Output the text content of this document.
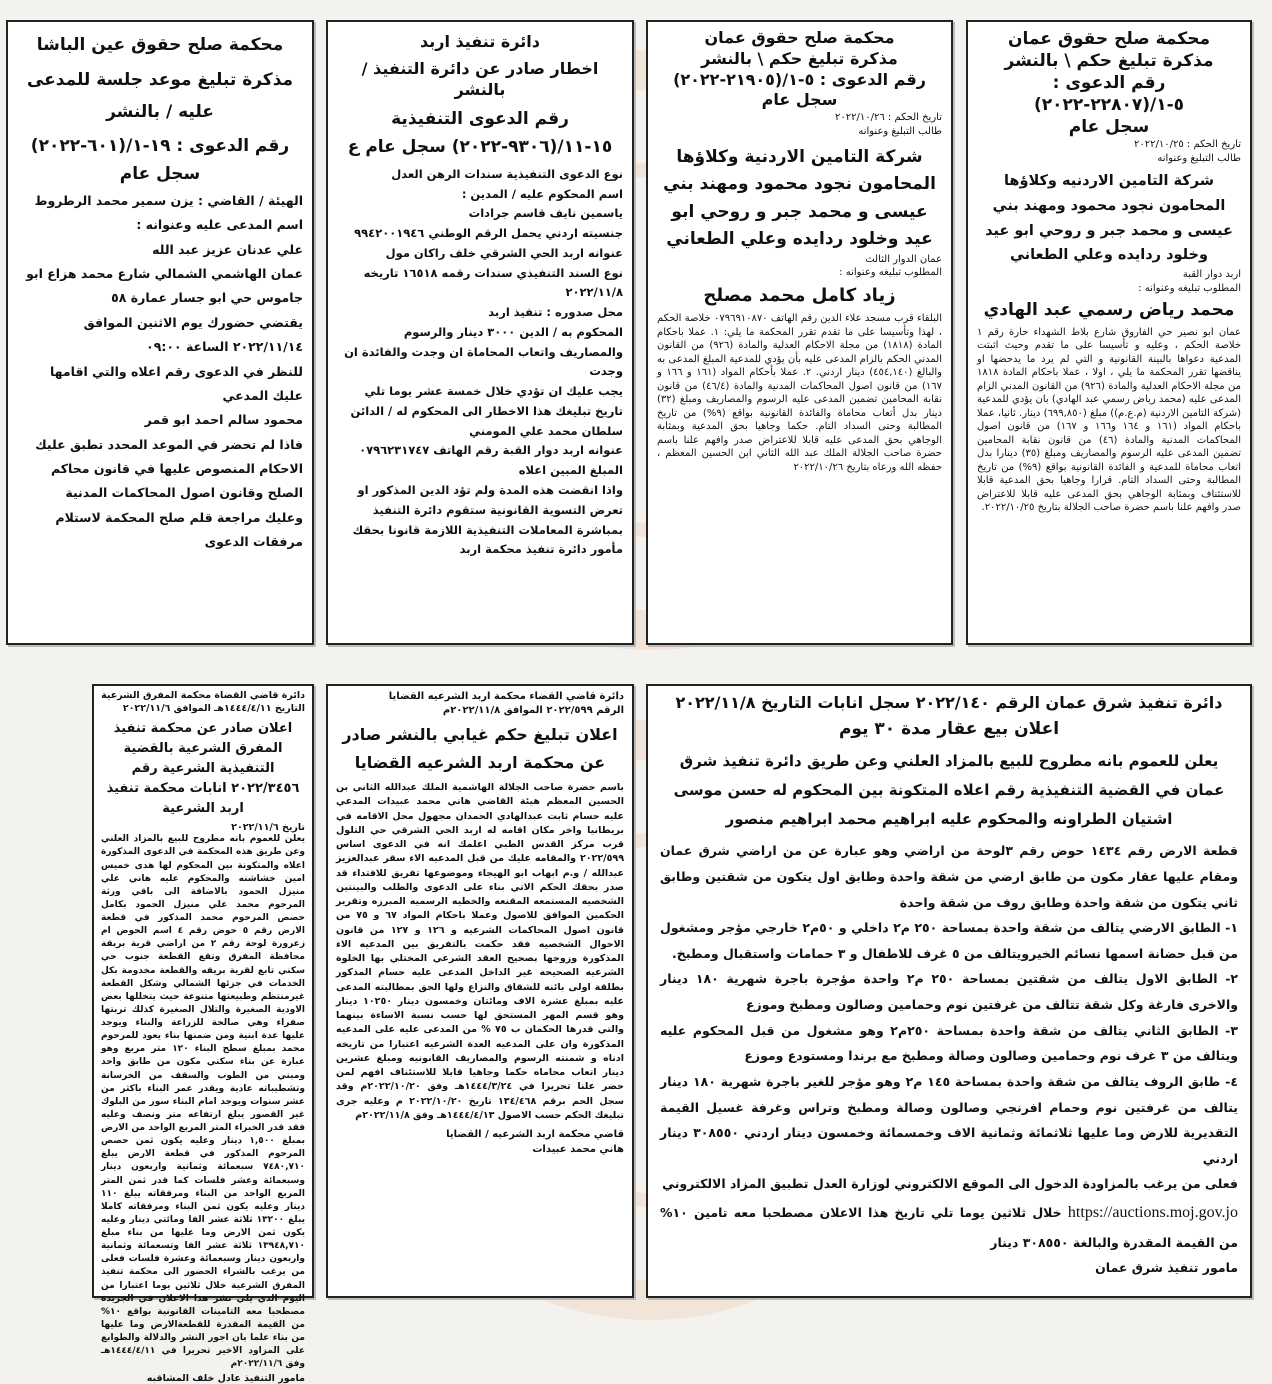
محكمة صلح حقوق عمان
مذكرة تبليغ حكم \ بالنشر
رقم الدعوى : ٥-١/(٢٢٨٠٧-٢٠٢٢)
سجل عام
تاريخ الحكم : ٢٠٢٢/١٠/٢٥
طالب التبليغ وعنوانه
شركة التامين الاردنيه وكلاؤها المحامون نجود محمود ومهند بني عيسى و محمد جبر و روحي ابو عيد وخلود ردايده وعلي الطعاني
اربد دوار القبة
المطلوب تبليغه وعنوانه :
محمد رياض رسمي عبد الهادي
عمان ابو نصير حي الفاروق شارع بلاط الشهداء حارة رقم ١ خلاصة الحكم ، وعليه و تأسيسا على ما تقدم وحيث اثبتت المدعية دعواها بالبينة القانونية و التي لم يرد ما يدحضها او يناقضها تقرر المحكمة ما يلي ، اولا ، عملا باحكام المادة ١٨١٨ من مجلة الاحكام العدلية والمادة (٩٢٦) من القانون المدني الزام المدعى عليه (محمد رياض رسمي عبد الهادي) بان يؤدي للمدعية (شركة التامين الاردنية (م.ع.م)) مبلغ (٦٩٩,٨٥٠) دينار. ثانيا، عملا باحكام المواد (١٦١ و ١٦٤ و١٦٦ و ١٦٧) من قانون اصول المحاكمات المدنية والمادة (٤٦) من قانون نقابة المحامين تضمين المدعى عليه الرسوم والمصاريف ومبلغ (٣٥) دينارا بدل اتعاب محاماة للمدعية و الفائدة القانونية بواقع (٩%) من تاريخ المطالبة وحتى السداد التام. قرارا وجاهيا بحق المدعية قابلا للاستئناف وبمثابة الوجاهي بحق المدعى عليه قابلا للاعتراض صدر وافهم علنا باسم حضرة صاحب الجلالة بتاريخ ٢٠٢٢/١٠/٢٥.
محكمة صلح حقوق عمان
مذكرة تبليغ حكم \ بالنشر
رقم الدعوى : ٥-١/(٢١٩٠٥-٢٠٢٢)
سجل عام
تاريخ الحكم : ٢٠٢٢/١٠/٢٦
طالب التبليغ وعنوانه
شركة التامين الاردنية وكلاؤها المحامون نجود محمود ومهند بني عيسى و محمد جبر و روحي ابو عيد وخلود ردايده وعلي الطعاني
عمان الدوار الثالث
المطلوب تبليغه وعنوانه :
زياد كامل محمد مصلح
البلقاء قرب مسجد علاء الدين رقم الهاتف ٠٧٩٦٩١٠٨٧٠ خلاصة الحكم ، لهذا وتأسيسا على ما تقدم تقرر المحكمة ما يلي: ١. عملا باحكام المادة (١٨١٨) من مجلة الاحكام العدلية والمادة (٩٢٦) من القانون المدني الحكم بالزام المدعى عليه بأن يؤدي للمدعية المبلغ المدعى به والبالغ (٤٥٤,١٤٠) دينار اردني. ٢. عملا بأحكام المواد (١٦١ و ١٦٦ و ١٦٧) من قانون اصول المحاكمات المدنية والمادة (٤٦/٤) من قانون نقابة المحامين تضمين المدعى عليه الرسوم والمصاريف ومبلغ (٣٢) دينار بدل أتعاب محاماة والفائدة القانونية بواقع (٩%) من تاريخ المطالبة وحتى السداد التام. حكما وجاهيا بحق المدعية وبمثابة الوجاهي بحق المدعى عليه قابلا للاعتراض صدر وافهم علنا باسم حضرة صاحب الجلالة الملك عبد الله الثاني ابن الحسين المعظم ، حفظه الله ورعاه بتاريخ ٢٠٢٢/١٠/٢٦
دائرة تنفيذ اربد
اخطار صادر عن دائرة التنفيذ / بالنشر
رقم الدعوى التنفيذية ١٥-١١/(٩٣٠٦-٢٠٢٢) سجل عام ع
نوع الدعوى التنفيذية سندات الرهن العدل
اسم المحكوم عليه / المدين :
ياسمين نايف قاسم جرادات
جنسيته اردني يحمل الرقم الوطني ٩٩٤٢٠٠١٩٤٦
عنوانه اربد الحي الشرقي خلف راكان مول
نوع السند التنفيذي سندات رقمه ١٦٥١٨ تاريخه ٢٠٢٢/١١/٨
محل صدوره : تنفيذ اربد
المحكوم به / الدين ٣٠٠٠ دينار والرسوم والمصاريف واتعاب المحاماة ان وجدت والفائدة ان وجدت
يجب عليك ان تؤدي خلال خمسة عشر يوما تلي تاريخ تبليغك هذا الاخطار الى المحكوم له / الدائن سلطان محمد علي المومني
عنوانه اربد دوار القبة رقم الهاتف ٠٧٩٦٢٣١٧٤٧
المبلغ المبين اعلاه
واذا انقضت هذه المدة ولم تؤد الدين المذكور او تعرض التسوية القانونية ستقوم دائرة التنفيذ بمباشرة المعاملات التنفيذية اللازمة قانونا بحقك
مأمور دائرة تنفيذ محكمة اربد
محكمة صلح حقوق عين الباشا
مذكرة تبليغ موعد جلسة للمدعى عليه / بالنشر
رقم الدعوى : ١٩-١/(٦٠١-٢٠٢٢)
سجل عام
الهيئة / القاضي : يزن سمير محمد الرطروط
اسم المدعى عليه وعنوانه :
علي عدنان عزيز عبد الله
عمان الهاشمي الشمالي شارع محمد هزاع ابو جاموس حي ابو جسار عمارة ٥٨
يقتضي حضورك يوم الاثنين الموافق ٢٠٢٢/١١/١٤ الساعة ٠٩:٠٠
للنظر في الدعوى رقم اعلاه والتي اقامها عليك المدعي
محمود سالم احمد ابو قمر
فاذا لم تحضر في الموعد المحدد تطبق عليك الاحكام المنصوص عليها في قانون محاكم الصلح وقانون اصول المحاكمات المدنية
وعليك مراجعة قلم صلح المحكمة لاستلام مرفقات الدعوى
دائرة تنفيذ شرق عمان الرقم ٢٠٢٢/١٤٠ سجل انابات التاريخ ٢٠٢٢/١١/٨
اعلان بيع عقار مدة ٣٠ يوم
يعلن للعموم بانه مطروح للبيع بالمزاد العلني وعن طريق دائرة تنفيذ شرق عمان في القضية التنفيذية رقم اعلاه المتكونة بين المحكوم له حسن موسى اشتيان الطراونه والمحكوم عليه ابراهيم محمد ابراهيم منصور
قطعة الارض رقم ١٤٣٤ حوض رقم ٣لوحة من اراضي وهو عبارة عن من اراضي شرق عمان ومقام عليها عقار مكون من طابق ارضي من شقة واحدة وطابق اول يتكون من شقتين وطابق ثاني يتكون من شقة واحدة وطابق روف من شقة واحدة
١- الطابق الارضي يتالف من شقة واحدة بمساحة ٢٥٠ م٢ داخلي و ٥٠م٢ خارجي مؤجر ومشغول من قبل حضانة اسمها نسائم الخيرويتالف من ٥ غرف للاطفال و ٣ حمامات واستقبال ومطبخ.
٢- الطابق الاول يتالف من شقتين بمساحة ٢٥٠ م٢ واحدة مؤجرة باجرة شهرية ١٨٠ دينار والاخرى فارغة وكل شقة تتالف من غرفتين نوم وحمامين وصالون ومطبخ وموزع
٣- الطابق الثاني يتالف من شقة واحدة بمساحة ٢٥٠م٢ وهو مشغول من قبل المحكوم عليه ويتالف من ٣ غرف نوم وحمامين وصالون وصالة ومطبخ مع برندا ومستودع وموزع
٤- طابق الروف يتالف من شقة واحدة بمساحة ١٤٥ م٢ وهو مؤجر للغير باجرة شهرية ١٨٠ دينار يتالف من غرفتين نوم وحمام افرنجي وصالون وصالة ومطبخ وتراس وغرفة غسيل القيمة التقديرية للارض وما عليها ثلاثمائة وثمانية الاف وخمسمائة وخمسون دينار اردني ٣٠٨٥٥٠ دينار اردني
فعلى من يرغب بالمزاودة الدخول الى الموقع الالكتروني لوزارة العدل تطبيق المزاد الالكتروني
https://auctions.moj.gov.jo خلال ثلاثين يوما تلي تاريخ هذا الاعلان مصطحبا معه تامين ١٠% من القيمة المقدرة والبالغة ٣٠٨٥٥٠ دينار
مامور تنفيذ شرق عمان
دائرة قاضي القضاء محكمة اربد الشرعيه القضايا
الرقم ٢٠٢٢/٥٩٩ الموافق ٢٠٢٢/١١/٨م
اعلان تبليغ حكم غيابي بالنشر صادر عن محكمة اربد الشرعيه القضايا
باسم حضرة صاحب الجلالة الهاشمية الملك عبدالله الثاني بن الحسين المعظم هيئة القاضي هاني محمد عبيدات المدعي عليه حسام ثابت عبدالهادي الحمدان مجهول محل الاقامه في بريطانيا واخر مكان اقامه له اربد الحي الشرقي حي التلول قرب مركز القدس الطبي اعلمك انه في الدعوى اساس ٢٠٢٢/٥٩٩ والمقامه عليك من قبل المدعيه الاء سقر عبدالعزيز عبدالله / و.م ابهاب ابو الهيجاء وموضوعها تفريق للافتداء قد صدر بحقك الحكم الاتي بناء على الدعوى والطلب والبينتين الشخصيه المستمعه المقنعه والخطيه الرسميه المبرزه وتقرير الحكمين الموافق للاصول وعملا باحكام المواد ٦٧ و ٧٥ من قانون اصول المحاكمات الشرعيه و ١٢٦ و ١٢٧ من قانون الاحوال الشخصيه فقد حكمت بالتفريق بين المدعيه الاء المذكورة وزوجها بصحيح العقد الشرعي المختلي بها الخلوة الشرعيه الصحيحه غير الداخل المدعى عليه حسام المذكور بطلقة اولى بائنه للشقاق والنزاع ولها الحق بمطالبته المدعى عليه بمبلغ عشرة الاف ومائتان وخمسون دينار ١٠٢٥٠ دينار وهو قسم المهر المستحق لها حسب نسبة الاساءة بينهما والتي قدرها الحكمان ب ٧٥ % من المدعى عليه على المدعيه المذكورة وان على المدعيه العدة الشرعيه اعتبارا من تاريخه ادناه و شمنته الرسوم والمصاريف القانونيه ومبلغ عشرين دينار اتعاب محاماه حكما وجاهيا قابلا للاستئناف افهم لمن حضر علنا تحريرا في ١٤٤٤/٣/٢٤هـ وفق ٢٠٢٢/١٠/٢٠م وقد سجل الحم برقم ١٣٤/٤٦٨ تاريخ ٢٠٢٢/١٠/٢٠ م وعليه جرى تبليغك الحكم حسب الاصول ١٤٤٤/٤/١٣هـ وفق ٢٠٢٢/١١/٨م
قاضي محكمة اربد الشرعيه / القضايا
هاني محمد عبيدات
دائرة قاضي القضاة محكمة المفرق الشرعية
التاريخ ١٤٤٤/٤/١١هـ الموافق ٢٠٢٢/١١/٦
اعلان صادر عن محكمة تنفيذ المفرق الشرعية بالقضية التنفيذية الشرعية رقم ٢٠٢٢/٣٤٥٦ انابات محكمة تنفيذ اربد الشرعية
تاريخ ٢٠٢٢/١١/٦
يعلن للعموم بانه مطروح للبيع بالمزاد العلني وعن طريق هذه المحكمة في الدعوى المذكورة اعلاه والمتكونة بين المحكوم لها هدى خميس امين خشاشنه والمحكوم عليه هاني علي منيزل الحمود بالاضافة الى باقي ورثة المرحوم محمد علي منيزل الحمود بكامل حصص المرحوم محمد المذكور في قطعة الارض رقم ٥ حوض رقم ٤ اسم الحوض ام زعرورة لوحة رقم ٢ من اراضي قرية بريقة محافظة المفرق وتقع القطعة جنوب حي سكني تابع لقرية بريقه والقطعة مخدومة بكل الخدمات في جزئها الشمالي وشكل القطعة غيرمنتظم وطبيعتها متنوعة حيث يتخللها بعض الاودية الصغيرة والتلال الصغيرة كذلك تربتها صفراء وهي صالحة للزراعة والبناء ويوجد عليها عدة ابنية ومن ضمنها بناء يعود للمرحوم محمد بمبلغ سطح البناء ١٢٠ متر مربع وهو عبارة عن بناء سكني مكون من طابق واحد ومبني من الطوب والسقف من الخرسانة وتشطيباته عادية ويقدر عمر البناء باكثر من عشر سنوات ويوجد امام البناء سور من البلوك غير القصور يبلغ ارتفاعه متر ونصف وعليه فقد قدر الخبراء المتر المربع الواحد من الارض بمبلغ ١,٥٠٠ دينار وعليه يكون ثمن حصص المرحوم المذكور في قطعة الارض يبلغ ٧٤٨٠,٧١٠ سبعمائة وثمانية واربعون دينار وسبعمائة وعشر فلسات كما قدر ثمن المتر المربع الواحد من البناء ومرفقاته يبلغ ١١٠ دينار وعليه يكون ثمن البناء ومرفقاته كاملا يبلغ ١٣٢٠٠ ثلاثة عشر الفا ومائتي دينار وعليه يكون ثمن الارض وما عليها من بناء مبلغ ١٣٩٤٨,٧١٠ ثلاثة عشر الفا وتسعمائة وثمانية واربعون دينار وسبعمائة وعشرة فلسات فعلى من يرغب بالشراء الحضور الى محكمة تنفيذ المفرق الشرعية خلال ثلاثين يوما اعتبارا من اليوم الذي يلي نشر هذا الاعلان في الجريدة مصطحبا معه التامينات القانونية بواقع ١٠% من القيمة المقدرة للقطعةالارض وما عليها من بناء علما بان اجور النشر والدلالة والطوابع على المزاود الاخير تحريرا في ١٤٤٤/٤/١١هـ وفق ٢٠٢٢/١١/٦م
مامور التنفيذ عادل خلف المشاقبه
